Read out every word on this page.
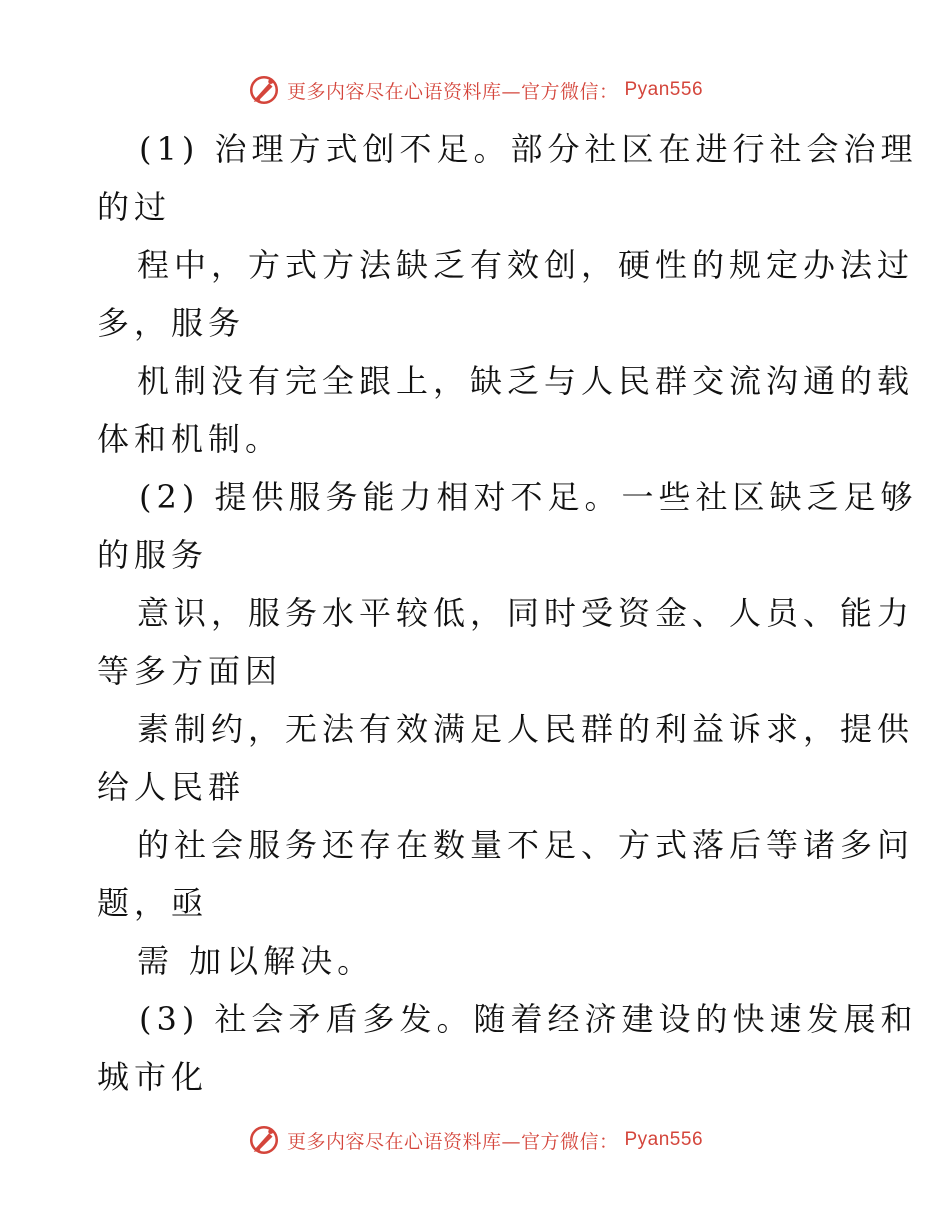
更多内容尽在心语资料库—官方微信： Pyan556
(1) 治理方式创不足。部分社区在进行社会治理
的过
程中，方式方法缺乏有效创，硬性的规定办法过
多，服务
机制没有完全跟上，缺乏与人民群交流沟通的载
体和机制。
(2) 提供服务能力相对不足。一些社区缺乏足够
的服务
意识，服务水平较低，同时受资金、人员、能力
等多方面因
素制约，无法有效满足人民群的利益诉求，提供
给人民群
的社会服务还存在数量不足、方式落后等诸多问
题，亟
需 加以解决。
(3) 社会矛盾多发。随着经济建设的快速发展和
城市化
更多内容尽在心语资料库—官方微信： Pyan556
